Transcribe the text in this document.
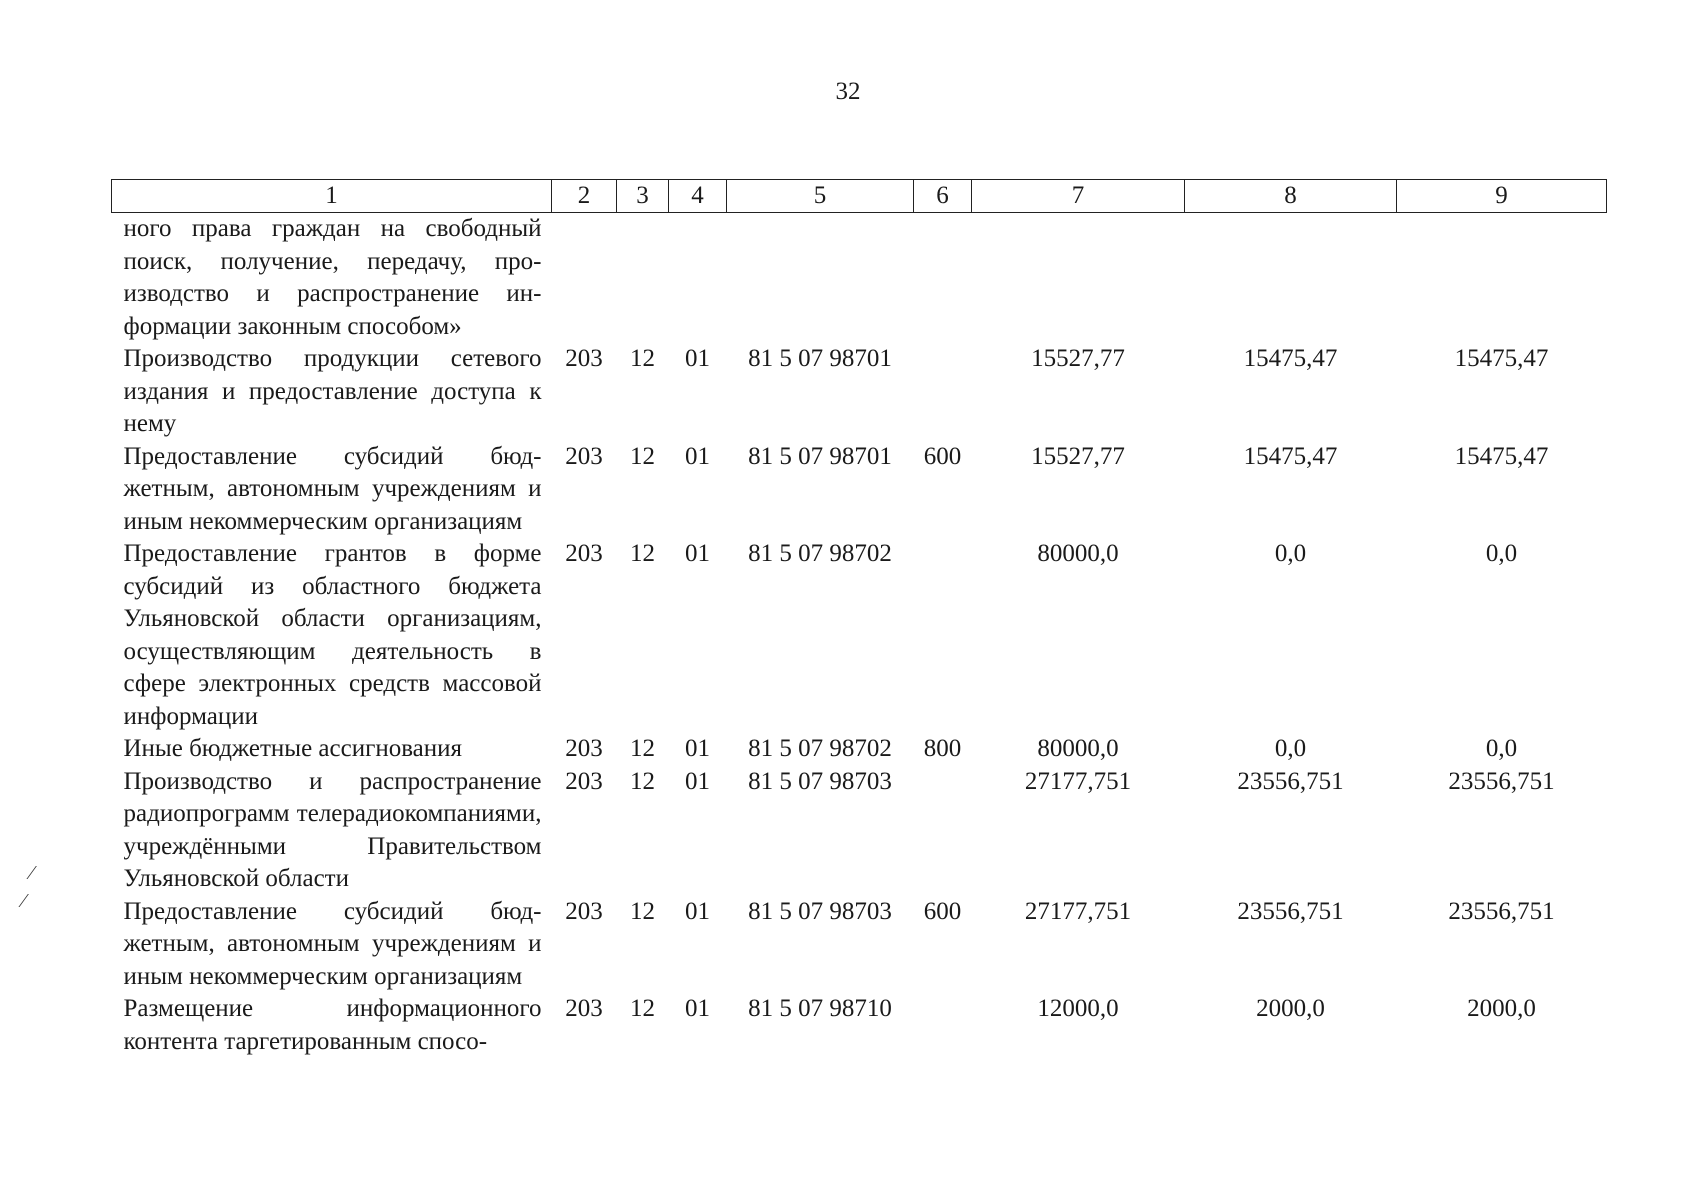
32
1	2	3	4	5	6	7	8	9
ного права граждан на свободный поиск, получение, передачу, производство и распространение информации законным способом»								
Производство продукции сетевого издания и предоставление доступа к нему	203	12	01	81 5 07 98701		15527,77	15475,47	15475,47
Предоставление субсидий бюджетным, автономным учреждениям и иным некоммерческим организациям	203	12	01	81 5 07 98701	600	15527,77	15475,47	15475,47
Предоставление грантов в форме субсидий из областного бюджета Ульяновской области организациям, осуществляющим деятельность в сфере электронных средств массовой информации	203	12	01	81 5 07 98702		80000,0	0,0	0,0
Иные бюджетные ассигнования	203	12	01	81 5 07 98702	800	80000,0	0,0	0,0
Производство и распространение радиопрограмм телерадиокомпаниями, учреждёнными Правительством Ульяновской области	203	12	01	81 5 07 98703		27177,751	23556,751	23556,751
Предоставление субсидий бюджетным, автономным учреждениям и иным некоммерческим организациям	203	12	01	81 5 07 98703	600	27177,751	23556,751	23556,751
Размещение информационного контента таргетированным спосо-	203	12	01	81 5 07 98710		12000,0	2000,0	2000,0
⁄
⁄
